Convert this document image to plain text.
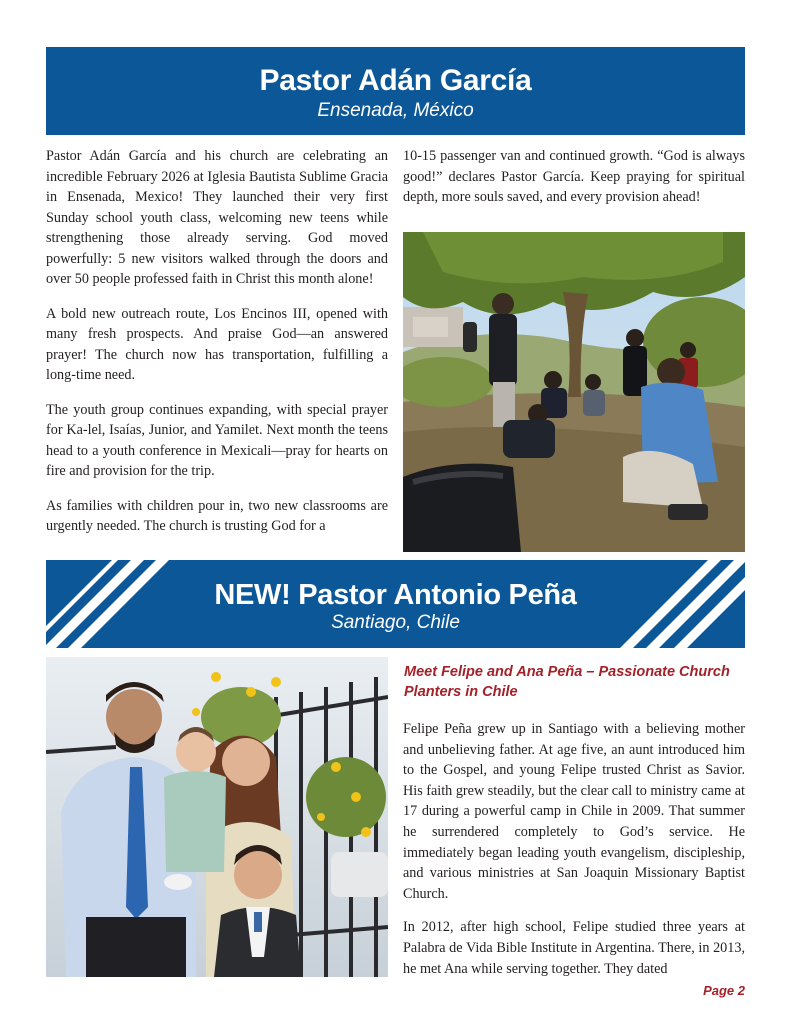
Pastor Adán García
Ensenada, México

Pastor Adán García and his church are celebrating an incredible February 2026 at Iglesia Bautista Sublime Gracia in Ensenada, Mexico! They launched their very first Sunday school youth class, welcoming new teens while strengthening those already serving. God moved powerfully: 5 new visitors walked through the doors and over 50 people professed faith in Christ this month alone!

A bold new outreach route, Los Encinos III, opened with many fresh prospects. And praise God—an answered prayer! The church now has transportation, fulfilling a long-time need.

The youth group continues expanding, with special prayer for Ka-lel, Isaías, Junior, and Yamilet. Next month the teens head to a youth conference in Mexicali—pray for hearts on fire and provision for the trip.

As families with children pour in, two new classrooms are urgently needed. The church is trusting God for a

10-15 passenger van and continued growth. “God is always good!” declares Pastor García. Keep praying for spiritual depth, more souls saved, and every provision ahead!

NEW! Pastor Antonio Peña
Santiago, Chile
Meet Felipe and Ana Peña – Passionate Church Planters in Chile

Felipe Peña grew up in Santiago with a believing mother and unbelieving father. At age five, an aunt introduced him to the Gospel, and young Felipe trusted Christ as Savior. His faith grew steadily, but the clear call to ministry came at 17 during a powerful camp in Chile in 2009. That summer he surrendered completely to God’s service. He immediately began leading youth evangelism, discipleship, and various ministries at San Joaquin Missionary Baptist Church.

In 2012, after high school, Felipe studied three years at Palabra de Vida Bible Institute in Argentina. There, in 2013, he met Ana while serving together. They dated

Page 2
